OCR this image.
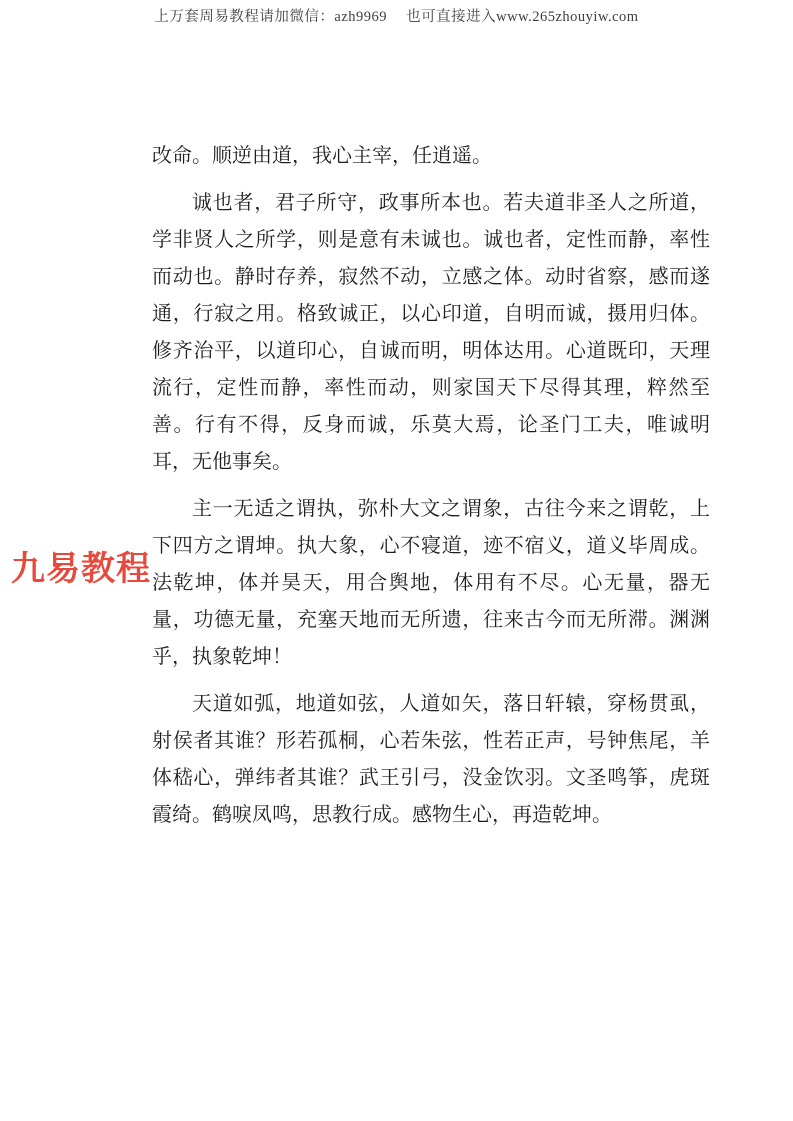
上万套周易教程请加微信：azh9969　 也可直接进入www.265zhouyiw.com
九易教程

改命。顺逆由道，我心主宰，任逍遥。

诚也者，君子所守，政事所本也。若夫道非圣人之所道，学非贤人之所学，则是意有未诚也。诚也者，定性而静，率性而动也。静时存养，寂然不动，立感之体。动时省察，感而遂通，行寂之用。格致诚正，以心印道，自明而诚，摄用归体。修齐治平，以道印心，自诚而明，明体达用。心道既印，天理流行，定性而静，率性而动，则家国天下尽得其理，粹然至善。行有不得，反身而诚，乐莫大焉，论圣门工夫，唯诚明耳，无他事矣。

主一无适之谓执，弥朴大文之谓象，古往今来之谓乾，上下四方之谓坤。执大象，心不寝道，迹不宿义，道义毕周成。法乾坤，体并昊天，用合舆地，体用有不尽。心无量，器无量，功德无量，充塞天地而无所遗，往来古今而无所滞。渊渊乎，执象乾坤！

天道如弧，地道如弦，人道如矢，落日轩辕，穿杨贯虱，射侯者其谁？形若孤桐，心若朱弦，性若正声，号钟焦尾，羊体嵇心，弹纬者其谁？武王引弓，没金饮羽。文圣鸣筝，虎斑霞绮。鹤唳凤鸣，思教行成。感物生心，再造乾坤。
